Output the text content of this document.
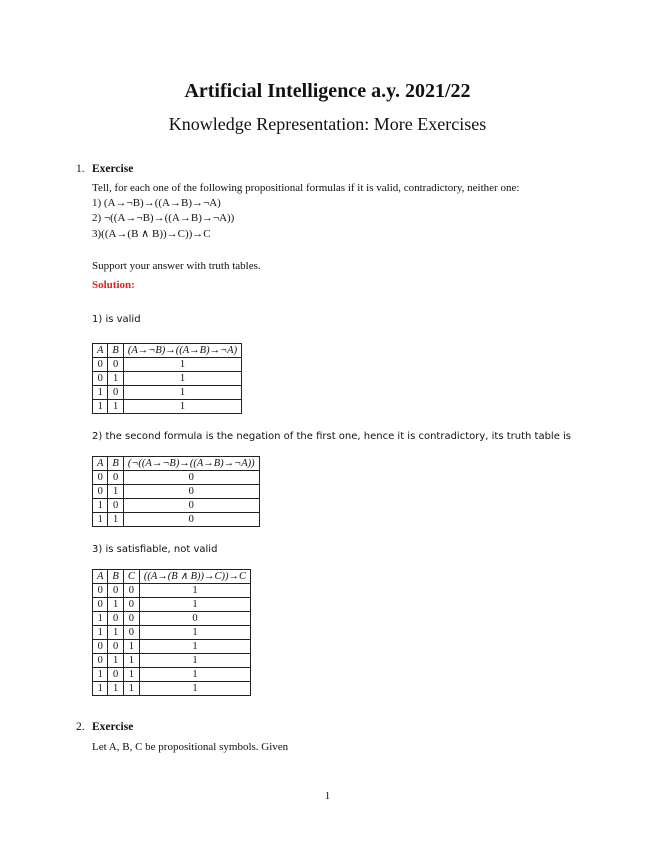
Artificial Intelligence a.y. 2021/22
Knowledge Representation: More Exercises
1. Exercise
Tell, for each one of the following propositional formulas if it is valid, contradictory, neither one:
1) (A→¬B)→((A→B)→¬A)
2) ¬((A→¬B)→((A→B)→¬A))
3)((A→(B ∧ B))→C))→C
Support your answer with truth tables.
Solution:
1) is valid
A	B	(A→¬B)→((A→B)→¬A)
0	0	1
0	1	1
1	0	1
1	1	1
2) the second formula is the negation of the first one, hence it is contradictory, its truth table is
A	B	(¬((A→¬B)→((A→B)→¬A))
0	0	0
0	1	0
1	0	0
1	1	0
3) is satisfiable, not valid
A	B	C	((A→(B ∧ B))→C))→C
0	0	0	1
0	1	0	1
1	0	0	0
1	1	0	1
0	0	1	1
0	1	1	1
1	0	1	1
1	1	1	1
2. Exercise
Let A, B, C be propositional symbols. Given
1
